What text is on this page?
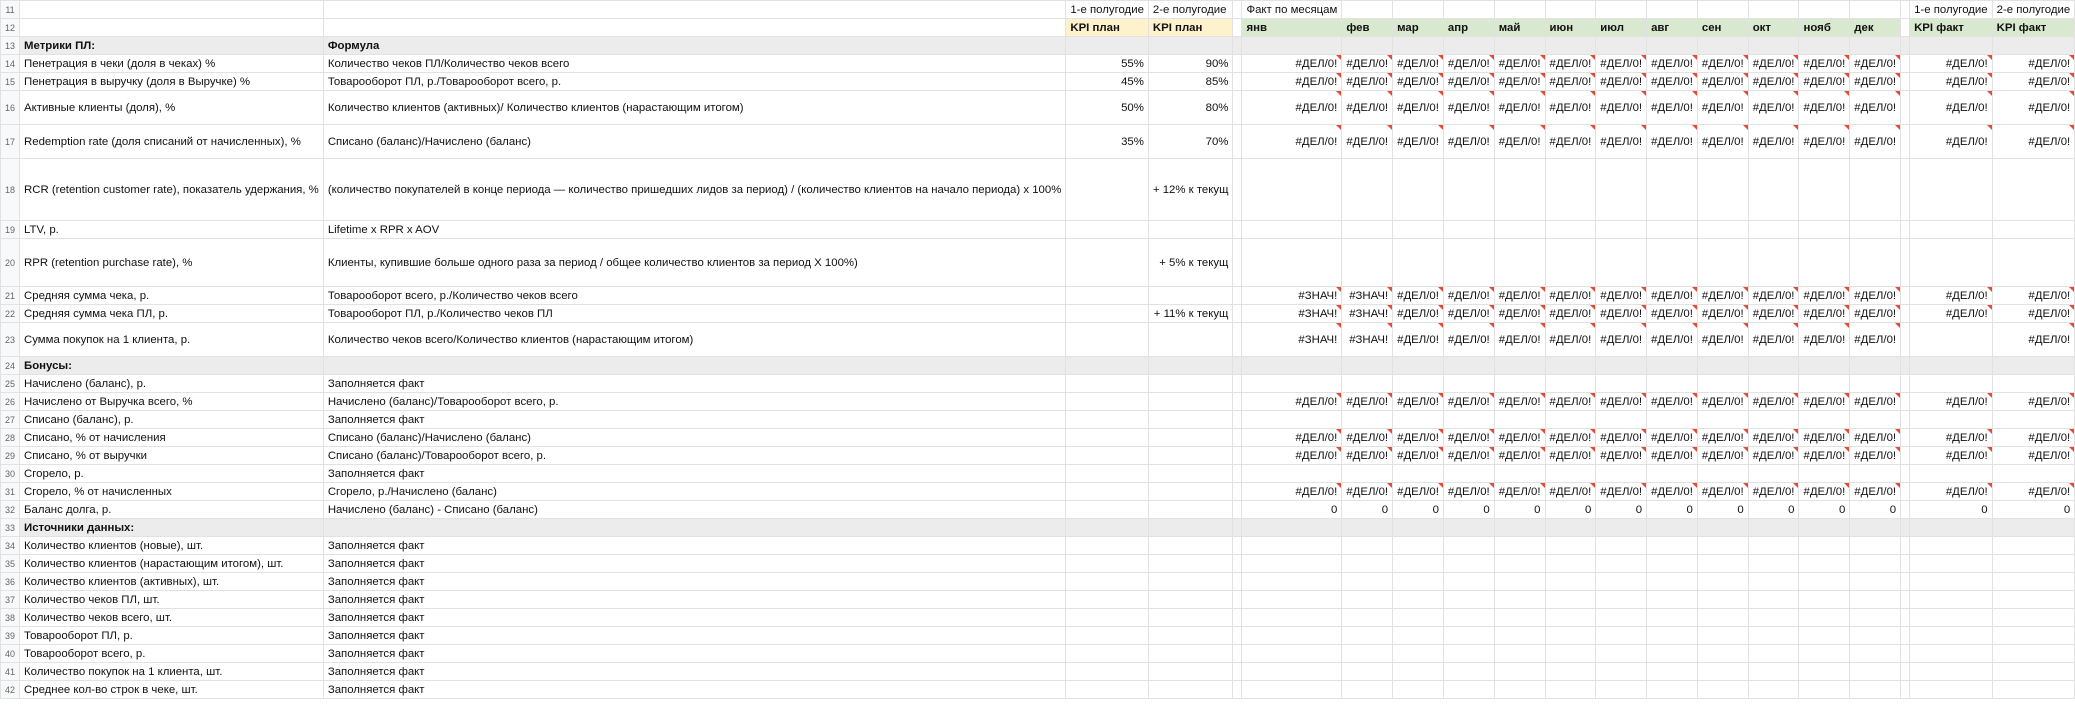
11			1-е полугодие	2-е полугодие		Факт по месяцам													1-е полугодие	2-е полугодие
12			KPI план	KPI план		янв	фев	мар	апр	май	июн	июл	авг	сен	окт	нояб	дек		KPI факт	KPI факт
13	Метрики ПЛ:	Формула																		
14	Пенетрация в чеки (доля в чеках) %	Количество чеков ПЛ/Количество чеков всего	55%	90%		#ДЕЛ/0!	#ДЕЛ/0!	#ДЕЛ/0!	#ДЕЛ/0!	#ДЕЛ/0!	#ДЕЛ/0!	#ДЕЛ/0!	#ДЕЛ/0!	#ДЕЛ/0!	#ДЕЛ/0!	#ДЕЛ/0!	#ДЕЛ/0!		#ДЕЛ/0!	#ДЕЛ/0!
15	Пенетрация в выручку (доля в Выручке) %	Товарооборот ПЛ, р./Товарооборот всего, р.	45%	85%		#ДЕЛ/0!	#ДЕЛ/0!	#ДЕЛ/0!	#ДЕЛ/0!	#ДЕЛ/0!	#ДЕЛ/0!	#ДЕЛ/0!	#ДЕЛ/0!	#ДЕЛ/0!	#ДЕЛ/0!	#ДЕЛ/0!	#ДЕЛ/0!		#ДЕЛ/0!	#ДЕЛ/0!
16	Активные клиенты (доля), %	Количество клиентов (активных)/ Количество клиентов (нарастающим итогом)	50%	80%		#ДЕЛ/0!	#ДЕЛ/0!	#ДЕЛ/0!	#ДЕЛ/0!	#ДЕЛ/0!	#ДЕЛ/0!	#ДЕЛ/0!	#ДЕЛ/0!	#ДЕЛ/0!	#ДЕЛ/0!	#ДЕЛ/0!	#ДЕЛ/0!		#ДЕЛ/0!	#ДЕЛ/0!
17	Redemption rate (доля списаний от начисленных), %	Списано (баланс)/Начислено (баланс)	35%	70%		#ДЕЛ/0!	#ДЕЛ/0!	#ДЕЛ/0!	#ДЕЛ/0!	#ДЕЛ/0!	#ДЕЛ/0!	#ДЕЛ/0!	#ДЕЛ/0!	#ДЕЛ/0!	#ДЕЛ/0!	#ДЕЛ/0!	#ДЕЛ/0!		#ДЕЛ/0!	#ДЕЛ/0!
18	RCR (retention customer rate), показатель удержания, %	(количество покупателей в конце периода — количество пришедших лидов за период) / (количество клиентов на начало периода) x 100%		+ 12% к текущ																
19	LTV, р.	Lifetime x RPR x AOV																		
20	RPR (retention purchase rate), %	Клиенты, купившие больше одного раза за период / общее количество клиентов за период X 100%)		+ 5% к текущ																
21	Средняя сумма чека, р.	Товарооборот всего, р./Количество чеков всего				#ЗНАЧ!	#ЗНАЧ!	#ДЕЛ/0!	#ДЕЛ/0!	#ДЕЛ/0!	#ДЕЛ/0!	#ДЕЛ/0!	#ДЕЛ/0!	#ДЕЛ/0!	#ДЕЛ/0!	#ДЕЛ/0!	#ДЕЛ/0!		#ДЕЛ/0!	#ДЕЛ/0!
22	Средняя сумма чека ПЛ, р.	Товарооборот ПЛ, р./Количество чеков ПЛ		+ 11% к текущ		#ЗНАЧ!	#ЗНАЧ!	#ДЕЛ/0!	#ДЕЛ/0!	#ДЕЛ/0!	#ДЕЛ/0!	#ДЕЛ/0!	#ДЕЛ/0!	#ДЕЛ/0!	#ДЕЛ/0!	#ДЕЛ/0!	#ДЕЛ/0!		#ДЕЛ/0!	#ДЕЛ/0!
23	Сумма покупок на 1 клиента, р.	Количество чеков всего/Количество клиентов (нарастающим итогом)				#ЗНАЧ!	#ЗНАЧ!	#ДЕЛ/0!	#ДЕЛ/0!	#ДЕЛ/0!	#ДЕЛ/0!	#ДЕЛ/0!	#ДЕЛ/0!	#ДЕЛ/0!	#ДЕЛ/0!	#ДЕЛ/0!	#ДЕЛ/0!			#ДЕЛ/0!
24	Бонусы:																			
25	Начислено (баланс), р.	Заполняется факт																		
26	Начислено от Выручка всего, %	Начислено (баланс)/Товарооборот всего, р.				#ДЕЛ/0!	#ДЕЛ/0!	#ДЕЛ/0!	#ДЕЛ/0!	#ДЕЛ/0!	#ДЕЛ/0!	#ДЕЛ/0!	#ДЕЛ/0!	#ДЕЛ/0!	#ДЕЛ/0!	#ДЕЛ/0!	#ДЕЛ/0!		#ДЕЛ/0!	#ДЕЛ/0!
27	Списано (баланс), р.	Заполняется факт																		
28	Списано, % от начисления	Списано (баланс)/Начислено (баланс)				#ДЕЛ/0!	#ДЕЛ/0!	#ДЕЛ/0!	#ДЕЛ/0!	#ДЕЛ/0!	#ДЕЛ/0!	#ДЕЛ/0!	#ДЕЛ/0!	#ДЕЛ/0!	#ДЕЛ/0!	#ДЕЛ/0!	#ДЕЛ/0!		#ДЕЛ/0!	#ДЕЛ/0!
29	Списано, % от выручки	Списано (баланс)/Товарооборот всего, р.				#ДЕЛ/0!	#ДЕЛ/0!	#ДЕЛ/0!	#ДЕЛ/0!	#ДЕЛ/0!	#ДЕЛ/0!	#ДЕЛ/0!	#ДЕЛ/0!	#ДЕЛ/0!	#ДЕЛ/0!	#ДЕЛ/0!	#ДЕЛ/0!		#ДЕЛ/0!	#ДЕЛ/0!
30	Сгорело, р.	Заполняется факт																		
31	Сгорело, % от начисленных	Сгорело, р./Начислено (баланс)				#ДЕЛ/0!	#ДЕЛ/0!	#ДЕЛ/0!	#ДЕЛ/0!	#ДЕЛ/0!	#ДЕЛ/0!	#ДЕЛ/0!	#ДЕЛ/0!	#ДЕЛ/0!	#ДЕЛ/0!	#ДЕЛ/0!	#ДЕЛ/0!		#ДЕЛ/0!	#ДЕЛ/0!
32	Баланс долга, р.	Начислено (баланс) - Списано (баланс)				0	0	0	0	0	0	0	0	0	0	0	0		0	0
33	Источники данных:																			
34	Количество клиентов (новые), шт.	Заполняется факт																		
35	Количество клиентов (нарастающим итогом), шт.	Заполняется факт																		
36	Количество клиентов (активных), шт.	Заполняется факт																		
37	Количество чеков ПЛ, шт.	Заполняется факт																		
38	Количество чеков всего, шт.	Заполняется факт																		
39	Товарооборот ПЛ, р.	Заполняется факт																		
40	Товарооборот всего, р.	Заполняется факт																		
41	Количество покупок на 1 клиента, шт.	Заполняется факт																		
42	Среднее кол-во строк в чеке, шт.	Заполняется факт																		
